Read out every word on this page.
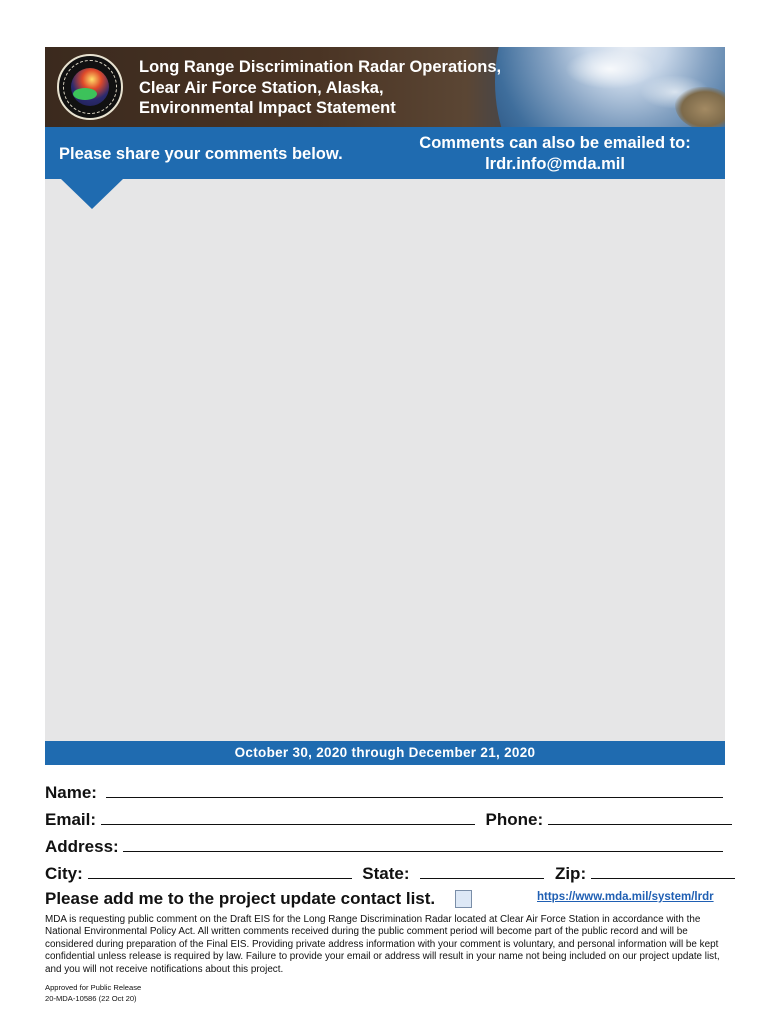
Long Range Discrimination Radar Operations,
Clear Air Force Station, Alaska,
Environmental Impact Statement
Please share your comments below.
Comments can also be emailed to:
lrdr.info@mda.mil
October 30, 2020 through December 21, 2020
Name:
Email:	Phone:
Address:
City:	State:	Zip:
Please add me to the project update contact list.	https://www.mda.mil/system/lrdr
MDA is requesting public comment on the Draft EIS for the Long Range Discrimination Radar located at Clear Air Force Station in accordance with the National Environmental Policy Act. All written comments received during the public comment period will become part of the public record and will be considered during preparation of the Final EIS. Providing private address information with your comment is voluntary, and personal information will be kept confidential unless release is required by law. Failure to provide your email or address will result in your name not being included on our project update list, and you will not receive notifications about this project.
Approved for Public Release
20-MDA-10586 (22 Oct 20)
